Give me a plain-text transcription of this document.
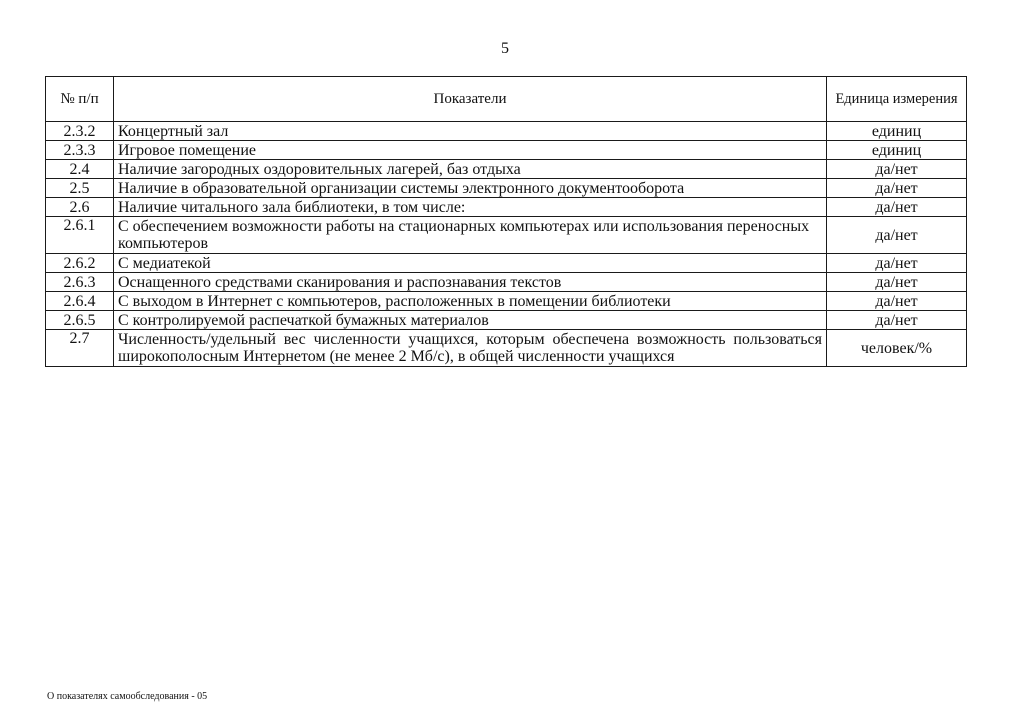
5
№ п/п	Показатели	Единица измерения
2.3.2	Концертный зал	единиц
2.3.3	Игровое помещение	единиц
2.4	Наличие загородных оздоровительных лагерей, баз отдыха	да/нет
2.5	Наличие в образовательной организации системы электронного документооборота	да/нет
2.6	Наличие читального зала библиотеки, в том числе:	да/нет
2.6.1	С обеспечением возможности работы на стационарных компьютерах или использования переносных компьютеров	да/нет
2.6.2	С медиатекой	да/нет
2.6.3	Оснащенного средствами сканирования и распознавания текстов	да/нет
2.6.4	С выходом в Интернет с компьютеров, расположенных в помещении библиотеки	да/нет
2.6.5	С контролируемой распечаткой бумажных материалов	да/нет
2.7	Численность/удельный вес численности учащихся, которым обеспечена возможность пользоваться широкополосным Интернетом (не менее 2 Мб/с), в общей численности учащихся	человек/%
О показателях самообследования - 05
